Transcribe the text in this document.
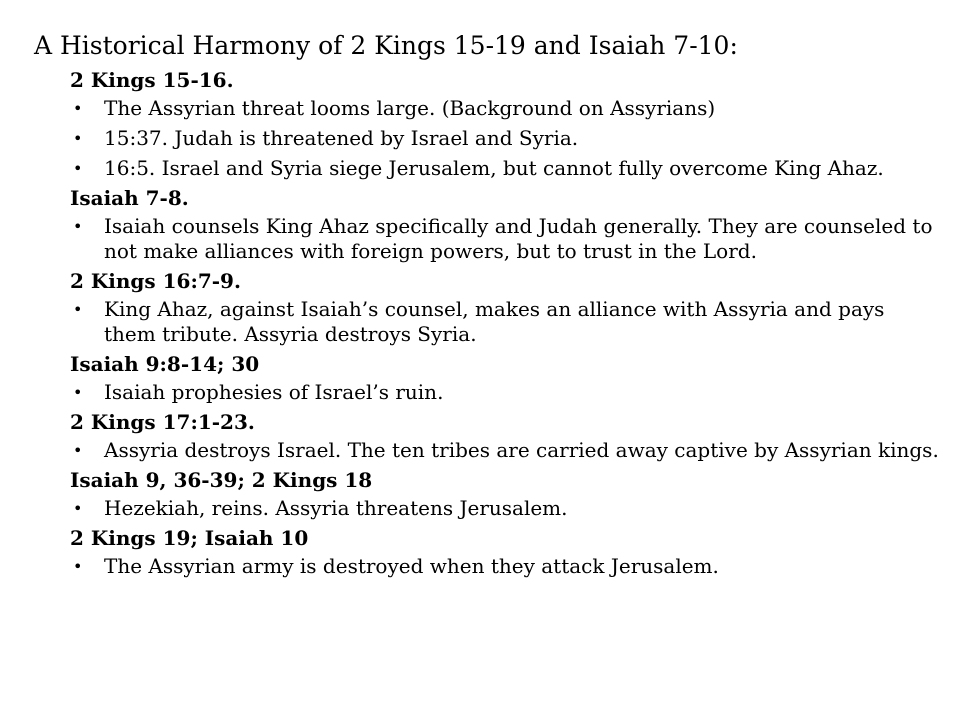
A Historical Harmony of 2 Kings 15-19 and Isaiah 7-10:
2 Kings 15-16.
• The Assyrian threat looms large. (Background on Assyrians)
• 15:37. Judah is threatened by Israel and Syria.
• 16:5. Israel and Syria siege Jerusalem, but cannot fully overcome King Ahaz.
Isaiah 7-8.
• Isaiah counsels King Ahaz specifically and Judah generally. They are counseled to not make alliances with foreign powers, but to trust in the Lord.
2 Kings 16:7-9.
• King Ahaz, against Isaiah’s counsel, makes an alliance with Assyria and pays them tribute. Assyria destroys Syria.
Isaiah 9:8-14; 30
• Isaiah prophesies of Israel’s ruin.
2 Kings 17:1-23.
• Assyria destroys Israel. The ten tribes are carried away captive by Assyrian kings.
Isaiah 9, 36-39; 2 Kings 18
• Hezekiah, reins. Assyria threatens Jerusalem.
2 Kings 19; Isaiah 10
• The Assyrian army is destroyed when they attack Jerusalem.
